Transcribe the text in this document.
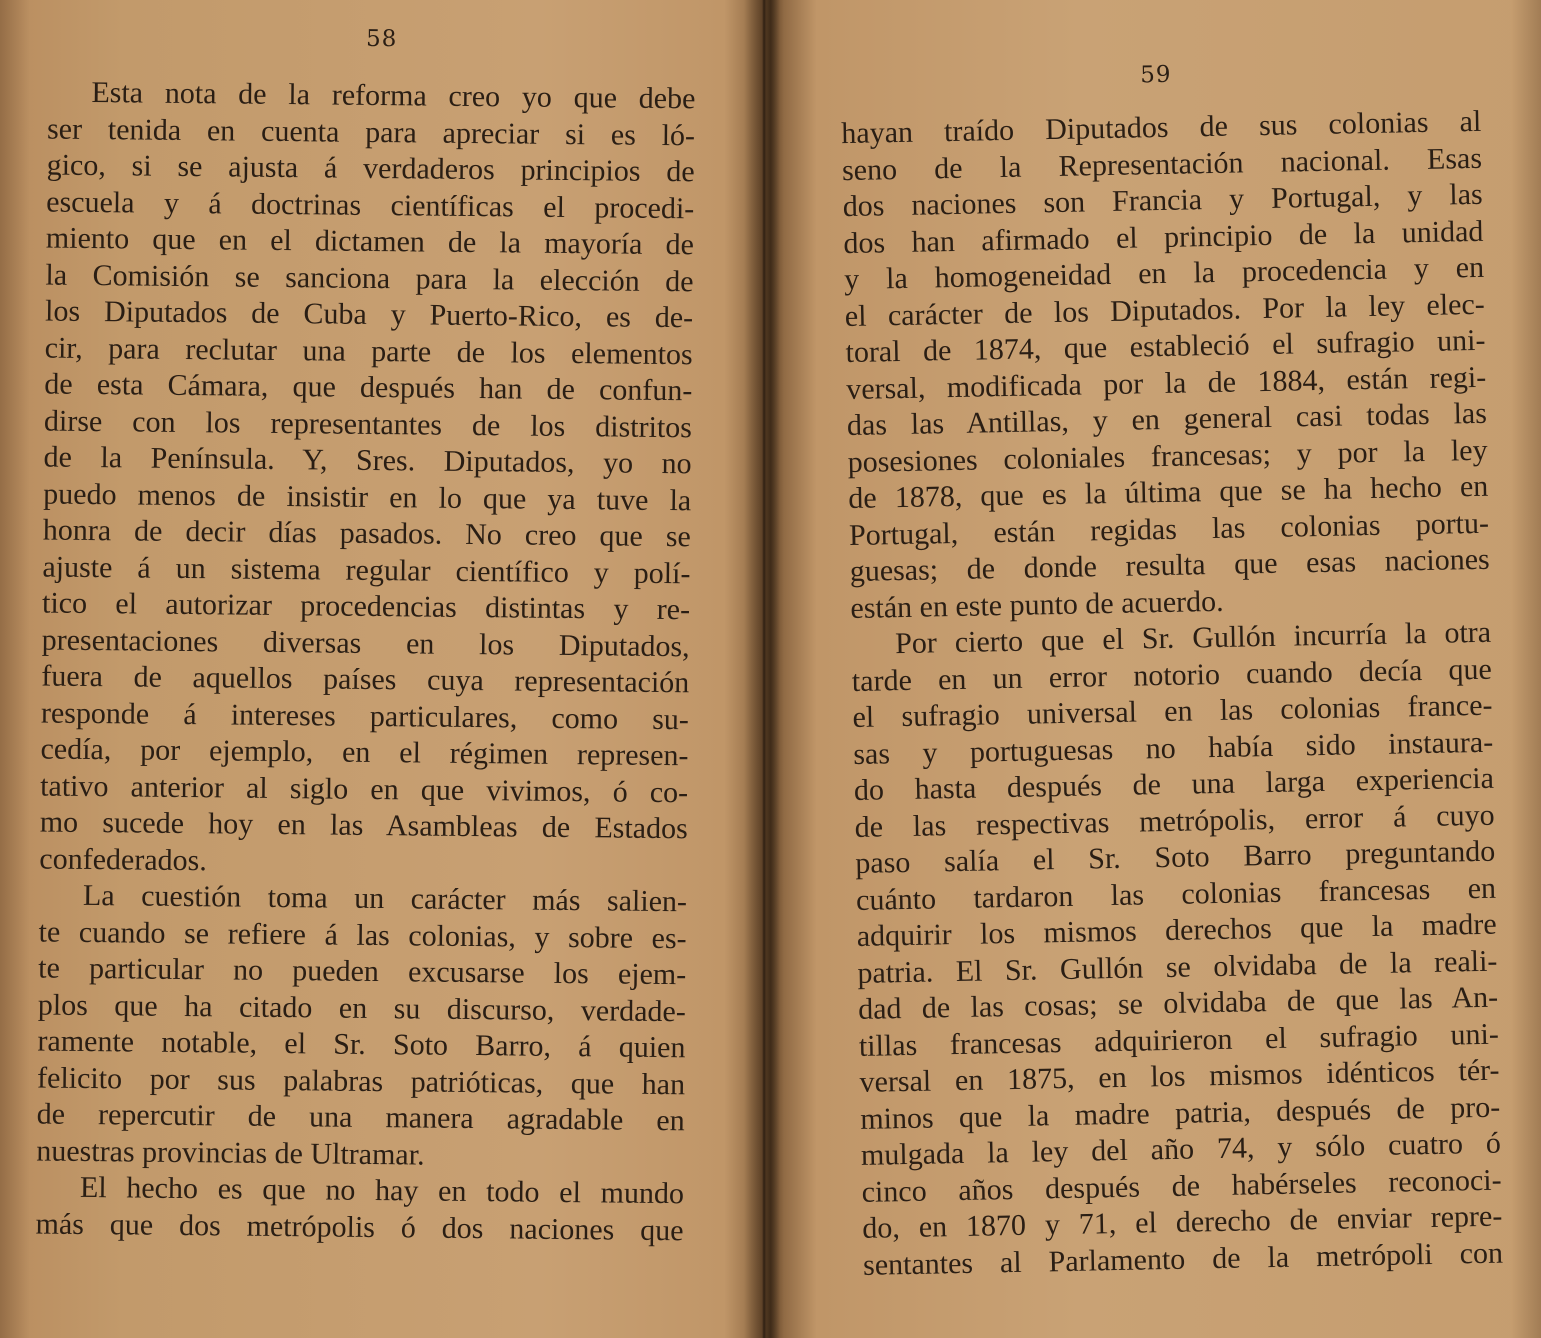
58
Esta nota de la reforma creo yo que debe
ser tenida en cuenta para apreciar si es ló-
gico, si se ajusta á verdaderos principios de
escuela y á doctrinas científicas el procedi-
miento que en el dictamen de la mayoría de
la Comisión se sanciona para la elección de
los Diputados de Cuba y Puerto-Rico, es de-
cir, para reclutar una parte de los elementos
de esta Cámara, que después han de confun-
dirse con los representantes de los distritos
de la Península. Y, Sres. Diputados, yo no
puedo menos de insistir en lo que ya tuve la
honra de decir días pasados. No creo que se
ajuste á un sistema regular científico y polí-
tico el autorizar procedencias distintas y re-
presentaciones diversas en los Diputados,
fuera de aquellos países cuya representación
responde á intereses particulares, como su-
cedía, por ejemplo, en el régimen represen-
tativo anterior al siglo en que vivimos, ó co-
mo sucede hoy en las Asambleas de Estados
confederados.
La cuestión toma un carácter más salien-
te cuando se refiere á las colonias, y sobre es-
te particular no pueden excusarse los ejem-
plos que ha citado en su discurso, verdade-
ramente notable, el Sr. Soto Barro, á quien
felicito por sus palabras patrióticas, que han
de repercutir de una manera agradable en
nuestras provincias de Ultramar.
El hecho es que no hay en todo el mundo
más que dos metrópolis ó dos naciones que
59
hayan traído Diputados de sus colonias al
seno de la Representación nacional. Esas
dos naciones son Francia y Portugal, y las
dos han afirmado el principio de la unidad
y la homogeneidad en la procedencia y en
el carácter de los Diputados. Por la ley elec-
toral de 1874, que estableció el sufragio uni-
versal, modificada por la de 1884, están regi-
das las Antillas, y en general casi todas las
posesiones coloniales francesas; y por la ley
de 1878, que es la última que se ha hecho en
Portugal, están regidas las colonias portu-
guesas; de donde resulta que esas naciones
están en este punto de acuerdo.
Por cierto que el Sr. Gullón incurría la otra
tarde en un error notorio cuando decía que
el sufragio universal en las colonias france-
sas y portuguesas no había sido instaura-
do hasta después de una larga experiencia
de las respectivas metrópolis, error á cuyo
paso salía el Sr. Soto Barro preguntando
cuánto tardaron las colonias francesas en
adquirir los mismos derechos que la madre
patria. El Sr. Gullón se olvidaba de la reali-
dad de las cosas; se olvidaba de que las An-
tillas francesas adquirieron el sufragio uni-
versal en 1875, en los mismos idénticos tér-
minos que la madre patria, después de pro-
mulgada la ley del año 74, y sólo cuatro ó
cinco años después de habérseles reconoci-
do, en 1870 y 71, el derecho de enviar repre-
sentantes al Parlamento de la metrópoli con
